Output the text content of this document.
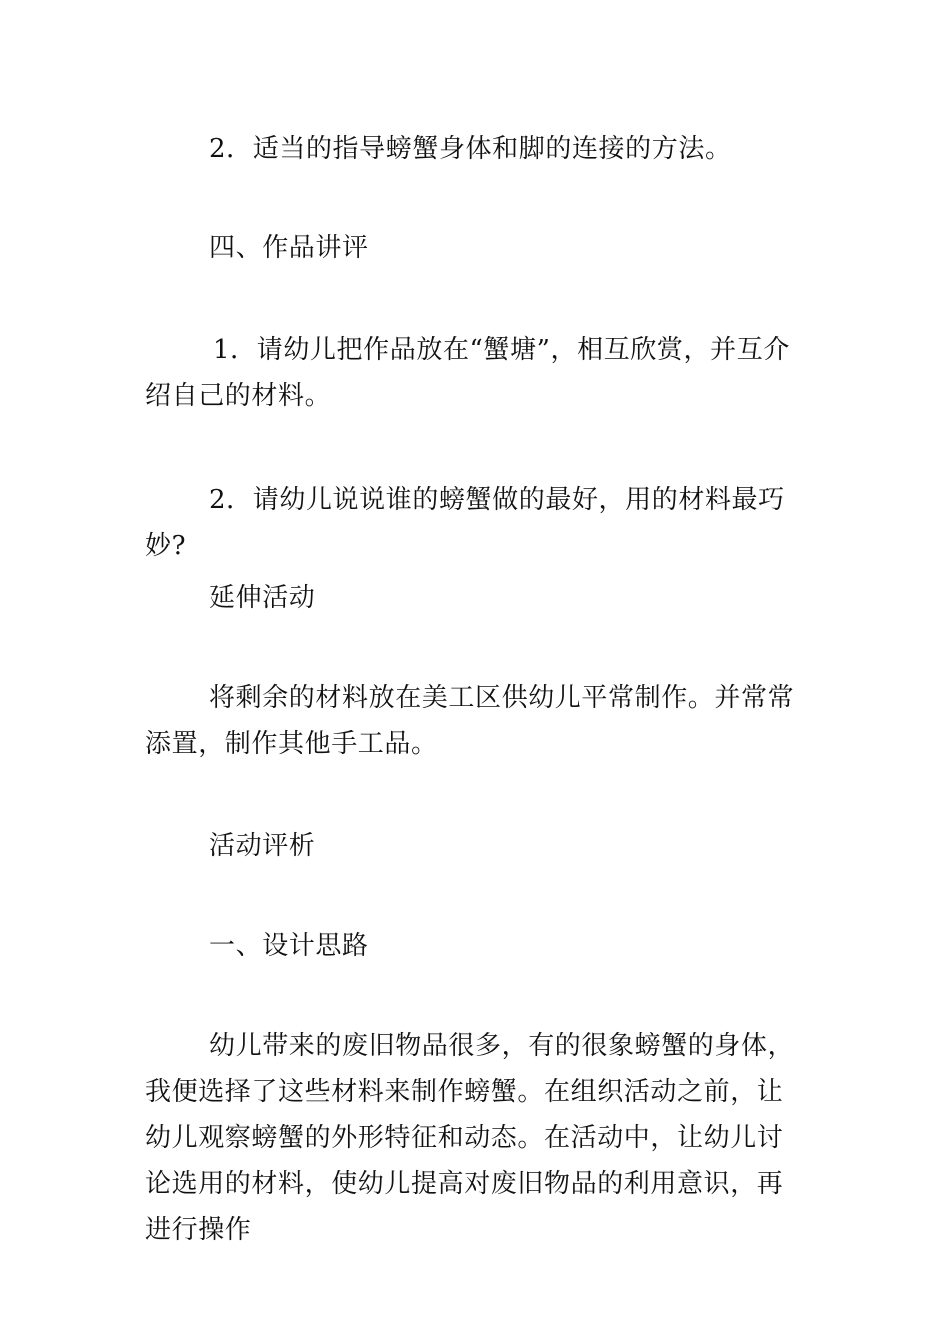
2．适当的指导螃蟹身体和脚的连接的方法。

四、作品讲评

1．请幼儿把作品放在“蟹塘”，相互欣赏，并互介绍自己的材料。

2．请幼儿说说谁的螃蟹做的最好，用的材料最巧妙?

延伸活动

将剩余的材料放在美工区供幼儿平常制作。并常常添置，制作其他手工品。

活动评析

一、设计思路

幼儿带来的废旧物品很多，有的很象螃蟹的身体，我便选择了这些材料来制作螃蟹。在组织活动之前，让幼儿观察螃蟹的外形特征和动态。在活动中，让幼儿讨论选用的材料，使幼儿提高对废旧物品的利用意识，再进行操作
